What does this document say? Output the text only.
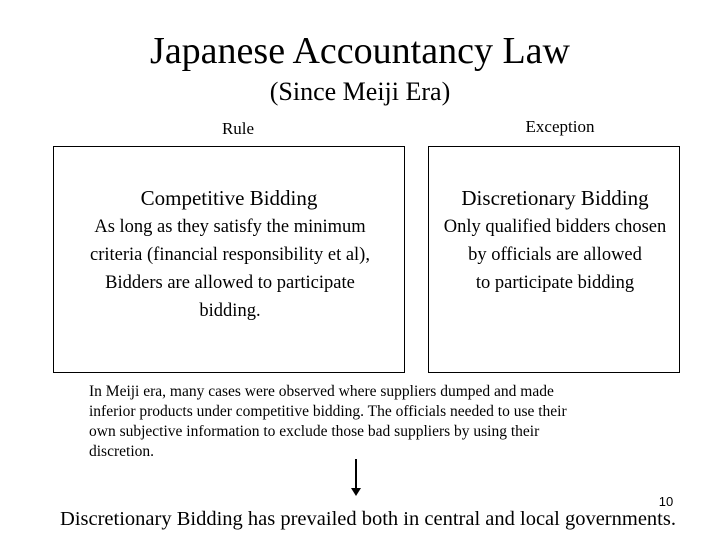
Japanese Accountancy Law
(Since Meiji Era)
Rule	Exception
Competitive Bidding
As long as they satisfy the minimum
criteria (financial responsibility et al),
Bidders are allowed to participate
bidding.
Discretionary Bidding
Only qualified bidders chosen
by officials are allowed
to participate bidding
In Meiji era, many cases were observed where suppliers dumped and made
inferior products under competitive bidding. The officials needed to use their
own subjective information to exclude those bad suppliers by using their
discretion.
10
Discretionary Bidding has prevailed both in central and local governments.
